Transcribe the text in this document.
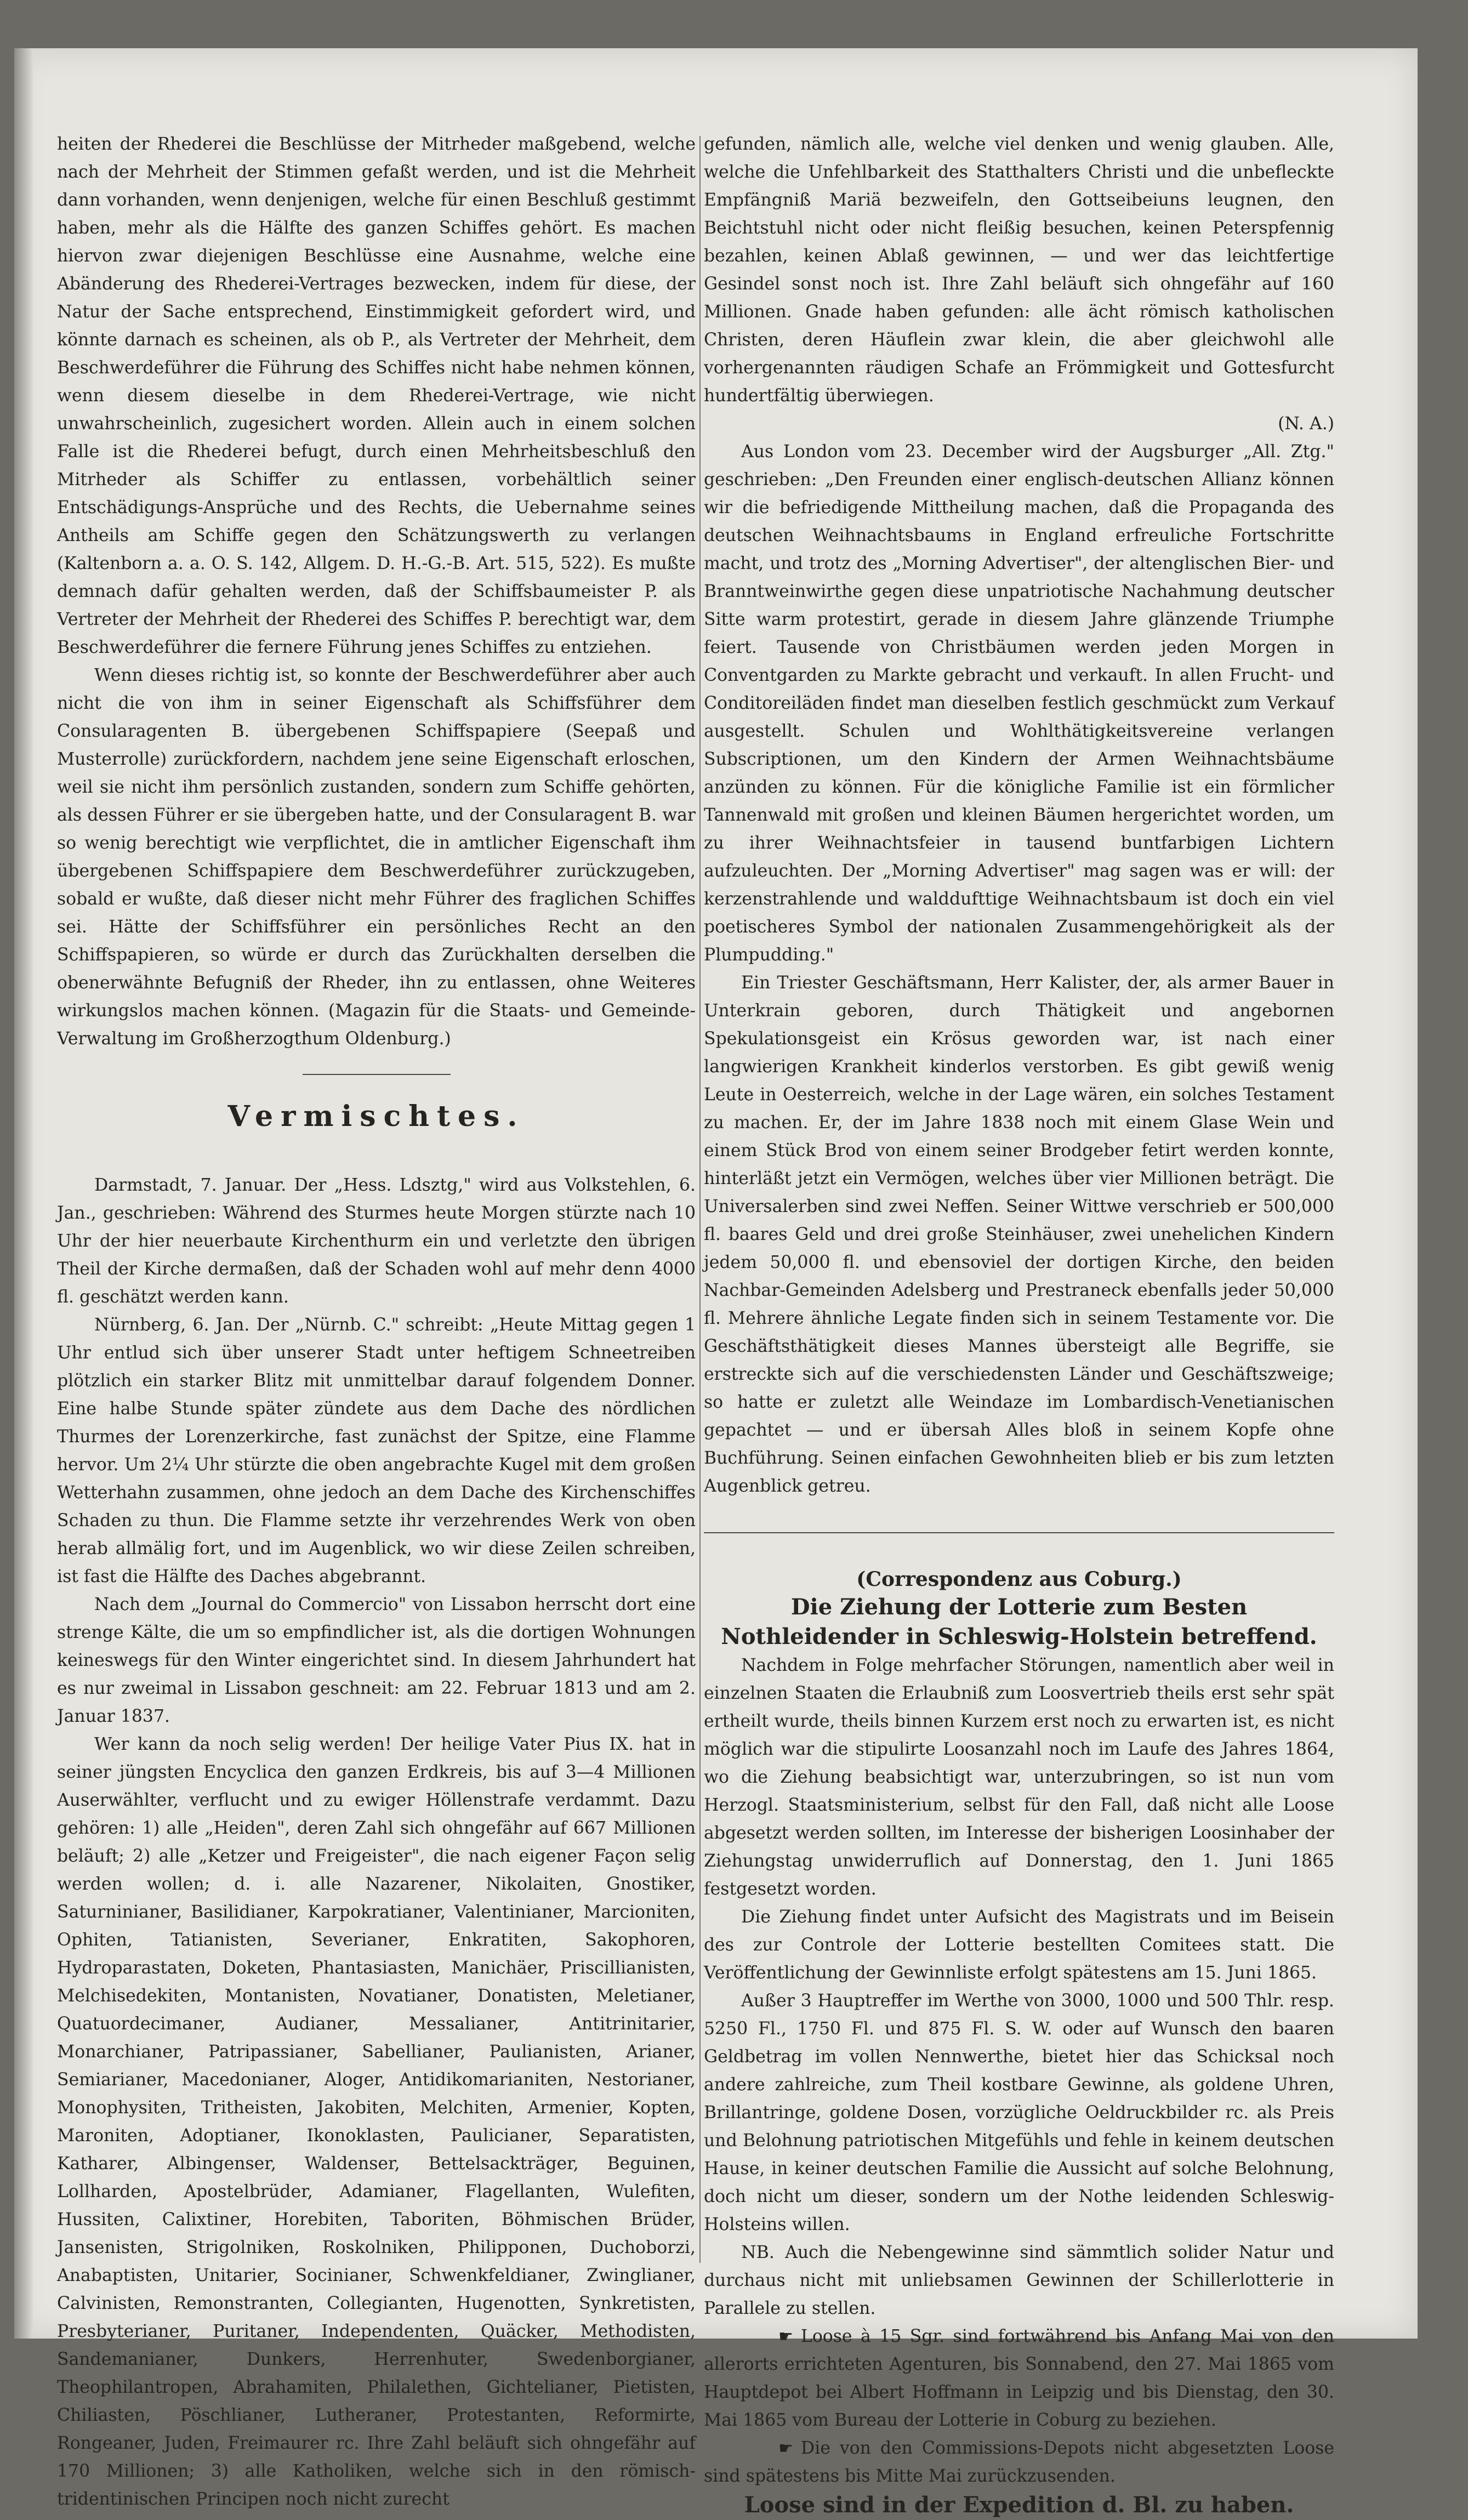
heiten der Rhederei die Beschlüsse der Mitrheder maßgebend, welche nach der Mehrheit der Stimmen gefaßt werden, und ist die Mehrheit dann vorhanden, wenn denjenigen, welche für einen Beschluß gestimmt haben, mehr als die Hälfte des ganzen Schiffes gehört. Es machen hiervon zwar diejenigen Beschlüsse eine Ausnahme, welche eine Abänderung des Rhederei-Vertrages bezwecken, indem für diese, der Natur der Sache entsprechend, Einstimmigkeit gefordert wird, und könnte darnach es scheinen, als ob P., als Vertreter der Mehrheit, dem Beschwerdeführer die Führung des Schiffes nicht habe nehmen können, wenn diesem dieselbe in dem Rhederei-Vertrage, wie nicht unwahrscheinlich, zugesichert worden. Allein auch in einem solchen Falle ist die Rhederei befugt, durch einen Mehrheitsbeschluß den Mitrheder als Schiffer zu entlassen, vorbehältlich seiner Entschädigungs-Ansprüche und des Rechts, die Uebernahme seines Antheils am Schiffe gegen den Schätzungswerth zu verlangen (Kaltenborn a. a. O. S. 142, Allgem. D. H.-G.-B. Art. 515, 522). Es mußte demnach dafür gehalten werden, daß der Schiffsbaumeister P. als Vertreter der Mehrheit der Rhederei des Schiffes P. berechtigt war, dem Beschwerdeführer die fernere Führung jenes Schiffes zu entziehen.

Wenn dieses richtig ist, so konnte der Beschwerdeführer aber auch nicht die von ihm in seiner Eigenschaft als Schiffsführer dem Consularagenten B. übergebenen Schiffspapiere (Seepaß und Musterrolle) zurückfordern, nachdem jene seine Eigenschaft erloschen, weil sie nicht ihm persönlich zustanden, sondern zum Schiffe gehörten, als dessen Führer er sie übergeben hatte, und der Consularagent B. war so wenig berechtigt wie verpflichtet, die in amtlicher Eigenschaft ihm übergebenen Schiffspapiere dem Beschwerdeführer zurückzugeben, sobald er wußte, daß dieser nicht mehr Führer des fraglichen Schiffes sei. Hätte der Schiffsführer ein persönliches Recht an den Schiffspapieren, so würde er durch das Zurückhalten derselben die obenerwähnte Befugniß der Rheder, ihn zu entlassen, ohne Weiteres wirkungslos machen können. (Magazin für die Staats- und Gemeinde-Verwaltung im Großherzogthum Oldenburg.)

Vermischtes.

Darmstadt, 7. Januar. Der „Hess. Ldsztg," wird aus Volkstehlen, 6. Jan., geschrieben: Während des Sturmes heute Morgen stürzte nach 10 Uhr der hier neuerbaute Kirchenthurm ein und verletzte den übrigen Theil der Kirche dermaßen, daß der Schaden wohl auf mehr denn 4000 fl. geschätzt werden kann.

Nürnberg, 6. Jan. Der „Nürnb. C." schreibt: „Heute Mittag gegen 1 Uhr entlud sich über unserer Stadt unter heftigem Schneetreiben plötzlich ein starker Blitz mit unmittelbar darauf folgendem Donner. Eine halbe Stunde später zündete aus dem Dache des nördlichen Thurmes der Lorenzerkirche, fast zunächst der Spitze, eine Flamme hervor. Um 2¼ Uhr stürzte die oben angebrachte Kugel mit dem großen Wetterhahn zusammen, ohne jedoch an dem Dache des Kirchenschiffes Schaden zu thun. Die Flamme setzte ihr verzehrendes Werk von oben herab allmälig fort, und im Augenblick, wo wir diese Zeilen schreiben, ist fast die Hälfte des Daches abgebrannt.

Nach dem „Journal do Commercio" von Lissabon herrscht dort eine strenge Kälte, die um so empfindlicher ist, als die dortigen Wohnungen keineswegs für den Winter eingerichtet sind. In diesem Jahrhundert hat es nur zweimal in Lissabon geschneit: am 22. Februar 1813 und am 2. Januar 1837.

Wer kann da noch selig werden! Der heilige Vater Pius IX. hat in seiner jüngsten Encyclica den ganzen Erdkreis, bis auf 3—4 Millionen Auserwählter, verflucht und zu ewiger Höllenstrafe verdammt. Dazu gehören: 1) alle „Heiden", deren Zahl sich ohngefähr auf 667 Millionen beläuft; 2) alle „Ketzer und Freigeister", die nach eigener Façon selig werden wollen; d. i. alle Nazarener, Nikolaiten, Gnostiker, Saturninianer, Basilidianer, Karpokratianer, Valentinianer, Marcioniten, Ophiten, Tatianisten, Severianer, Enkratiten, Sakophoren, Hydroparastaten, Doketen, Phantasiasten, Manichäer, Priscillianisten, Melchisedekiten, Montanisten, Novatianer, Donatisten, Meletianer, Quatuordecimaner, Audianer, Messalianer, Antitrinitarier, Monarchianer, Patripassianer, Sabellianer, Paulianisten, Arianer, Semiarianer, Macedonianer, Aloger, Antidikomarianiten, Nestorianer, Monophysiten, Tritheisten, Jakobiten, Melchiten, Armenier, Kopten, Maroniten, Adoptianer, Ikonoklasten, Paulicianer, Separatisten, Katharer, Albingenser, Waldenser, Bettelsackträger, Beguinen, Lollharden, Apostelbrüder, Adamianer, Flagellanten, Wulefiten, Hussiten, Calixtiner, Horebiten, Taboriten, Böhmischen Brüder, Jansenisten, Strigolniken, Roskolniken, Philipponen, Duchoborzi, Anabaptisten, Unitarier, Socinianer, Schwenkfeldianer, Zwinglianer, Calvinisten, Remonstranten, Collegianten, Hugenotten, Synkretisten, Presbyterianer, Puritaner, Independenten, Quäcker, Methodisten, Sandemanianer, Dunkers, Herrenhuter, Swedenborgianer, Theophilantropen, Abrahamiten, Philalethen, Gichtelianer, Pietisten, Chiliasten, Pöschlianer, Lutheraner, Protestanten, Reformirte, Rongeaner, Juden, Freimaurer rc. Ihre Zahl beläuft sich ohngefähr auf 170 Millionen; 3) alle Katholiken, welche sich in den römisch-tridentinischen Principen noch nicht zurecht

gefunden, nämlich alle, welche viel denken und wenig glauben. Alle, welche die Unfehlbarkeit des Statthalters Christi und die unbefleckte Empfängniß Mariä bezweifeln, den Gottseibeiuns leugnen, den Beichtstuhl nicht oder nicht fleißig besuchen, keinen Peterspfennig bezahlen, keinen Ablaß gewinnen, — und wer das leichtfertige Gesindel sonst noch ist. Ihre Zahl beläuft sich ohngefähr auf 160 Millionen. Gnade haben gefunden: alle ächt römisch katholischen Christen, deren Häuflein zwar klein, die aber gleichwohl alle vorhergenannten räudigen Schafe an Frömmigkeit und Gottesfurcht hundertfältig überwiegen.

(N. A.)

Aus London vom 23. December wird der Augsburger „All. Ztg." geschrieben: „Den Freunden einer englisch-deutschen Allianz können wir die befriedigende Mittheilung machen, daß die Propaganda des deutschen Weihnachtsbaums in England erfreuliche Fortschritte macht, und trotz des „Morning Advertiser", der altenglischen Bier- und Branntweinwirthe gegen diese unpatriotische Nachahmung deutscher Sitte warm protestirt, gerade in diesem Jahre glänzende Triumphe feiert. Tausende von Christbäumen werden jeden Morgen in Conventgarden zu Markte gebracht und verkauft. In allen Frucht- und Conditoreiläden findet man dieselben festlich geschmückt zum Verkauf ausgestellt. Schulen und Wohlthätigkeitsvereine verlangen Subscriptionen, um den Kindern der Armen Weihnachtsbäume anzünden zu können. Für die königliche Familie ist ein förmlicher Tannenwald mit großen und kleinen Bäumen hergerichtet worden, um zu ihrer Weihnachtsfeier in tausend buntfarbigen Lichtern aufzuleuchten. Der „Morning Advertiser" mag sagen was er will: der kerzenstrahlende und walddufttige Weihnachtsbaum ist doch ein viel poetischeres Symbol der nationalen Zusammengehörigkeit als der Plumpudding."

Ein Triester Geschäftsmann, Herr Kalister, der, als armer Bauer in Unterkrain geboren, durch Thätigkeit und angebornen Spekulationsgeist ein Krösus geworden war, ist nach einer langwierigen Krankheit kinderlos verstorben. Es gibt gewiß wenig Leute in Oesterreich, welche in der Lage wären, ein solches Testament zu machen. Er, der im Jahre 1838 noch mit einem Glase Wein und einem Stück Brod von einem seiner Brodgeber fetirt werden konnte, hinterläßt jetzt ein Vermögen, welches über vier Millionen beträgt. Die Universalerben sind zwei Neffen. Seiner Wittwe verschrieb er 500,000 fl. baares Geld und drei große Steinhäuser, zwei unehelichen Kindern jedem 50,000 fl. und ebensoviel der dortigen Kirche, den beiden Nachbar-Gemeinden Adelsberg und Prestraneck ebenfalls jeder 50,000 fl. Mehrere ähnliche Legate finden sich in seinem Testamente vor. Die Geschäftsthätigkeit dieses Mannes übersteigt alle Begriffe, sie erstreckte sich auf die verschiedensten Länder und Geschäftszweige; so hatte er zuletzt alle Weindaze im Lombardisch-Venetianischen gepachtet — und er übersah Alles bloß in seinem Kopfe ohne Buchführung. Seinen einfachen Gewohnheiten blieb er bis zum letzten Augenblick getreu.

(Correspondenz aus Coburg.)

Die Ziehung der Lotterie zum Besten Nothleidender in Schleswig-Holstein betreffend.

Nachdem in Folge mehrfacher Störungen, namentlich aber weil in einzelnen Staaten die Erlaubniß zum Loosvertrieb theils erst sehr spät ertheilt wurde, theils binnen Kurzem erst noch zu erwarten ist, es nicht möglich war die stipulirte Loosanzahl noch im Laufe des Jahres 1864, wo die Ziehung beabsichtigt war, unterzubringen, so ist nun vom Herzogl. Staatsministerium, selbst für den Fall, daß nicht alle Loose abgesetzt werden sollten, im Interesse der bisherigen Loosinhaber der Ziehungstag unwiderruflich auf Donnerstag, den 1. Juni 1865 festgesetzt worden.

Die Ziehung findet unter Aufsicht des Magistrats und im Beisein des zur Controle der Lotterie bestellten Comitees statt. Die Veröffentlichung der Gewinnliste erfolgt spätestens am 15. Juni 1865.

Außer 3 Hauptreffer im Werthe von 3000, 1000 und 500 Thlr. resp. 5250 Fl., 1750 Fl. und 875 Fl. S. W. oder auf Wunsch den baaren Geldbetrag im vollen Nennwerthe, bietet hier das Schicksal noch andere zahlreiche, zum Theil kostbare Gewinne, als goldene Uhren, Brillantringe, goldene Dosen, vorzügliche Oeldruckbilder rc. als Preis und Belohnung patriotischen Mitgefühls und fehle in keinem deutschen Hause, in keiner deutschen Familie die Aussicht auf solche Belohnung, doch nicht um dieser, sondern um der Nothe leidenden Schleswig-Holsteins willen.

NB. Auch die Nebengewinne sind sämmtlich solider Natur und durchaus nicht mit unliebsamen Gewinnen der Schillerlotterie in Parallele zu stellen.

☛ Loose à 15 Sgr. sind fortwährend bis Anfang Mai von den allerorts errichteten Agenturen, bis Sonnabend, den 27. Mai 1865 vom Hauptdepot bei Albert Hoffmann in Leipzig und bis Dienstag, den 30. Mai 1865 vom Bureau der Lotterie in Coburg zu beziehen.

☛ Die von den Commissions-Depots nicht abgesetzten Loose sind spätestens bis Mitte Mai zurückzusenden.

Loose sind in der Expedition d. Bl. zu haben.
